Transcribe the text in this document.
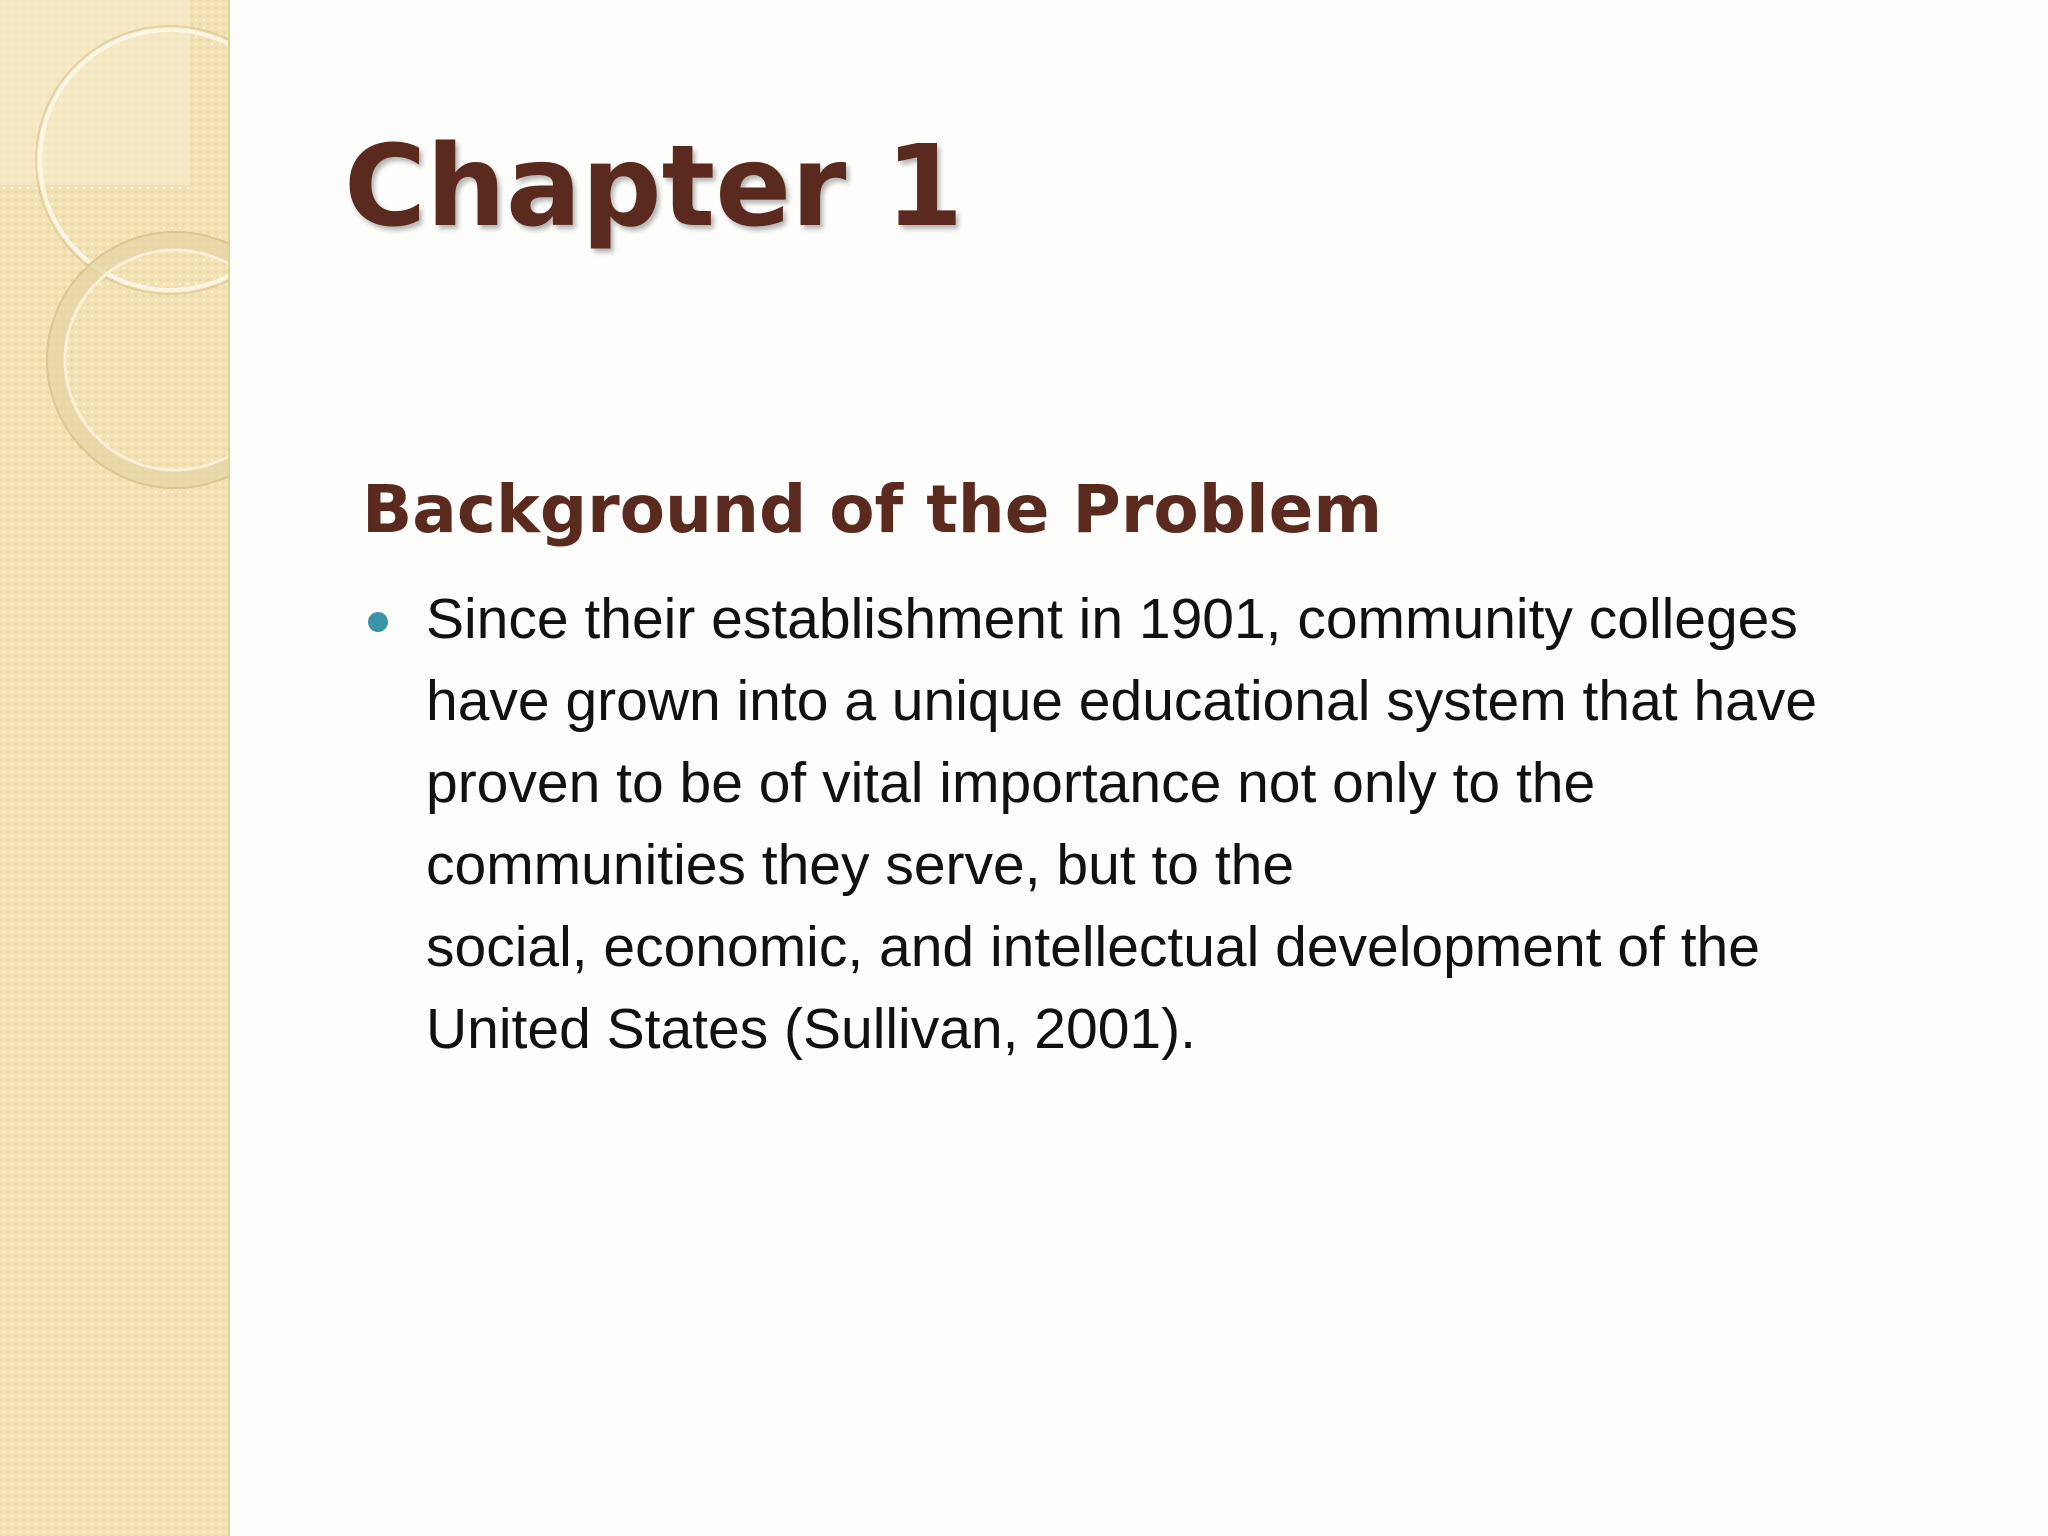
Chapter 1
Background of the Problem
Since their establishment in 1901, community colleges
have grown into a unique educational system that have
proven to be of vital importance not only to the
communities they serve, but to the
social, economic, and intellectual development of the
United States (Sullivan, 2001).
